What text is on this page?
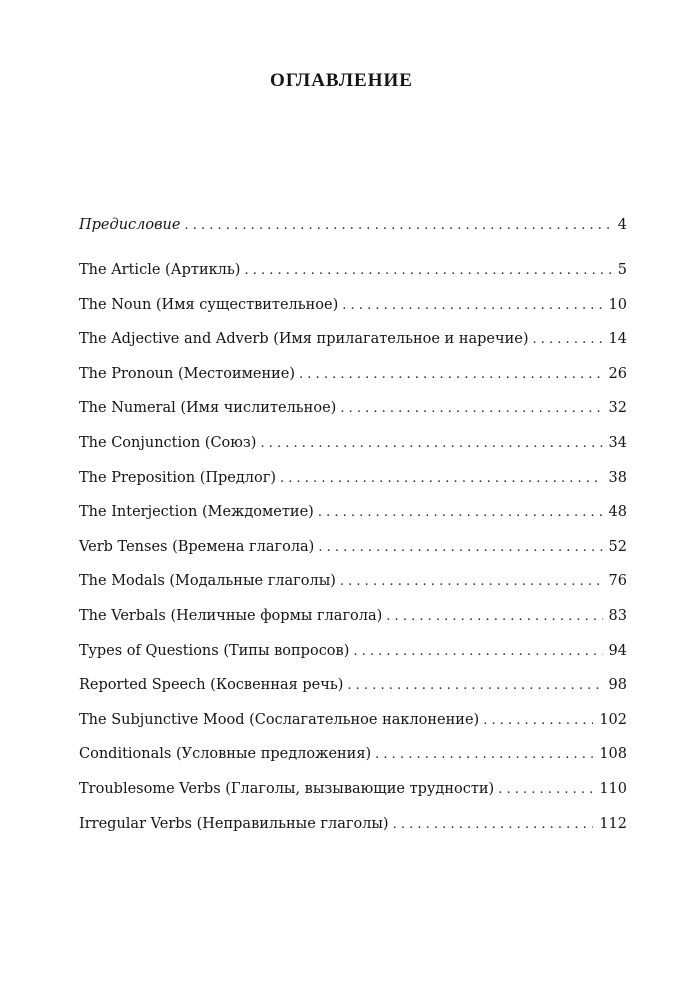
ОГЛАВЛЕНИЕ
Предисловие . . .	4
The Article (Артикль) . . .	5
The Noun (Имя существительное) . . .	10
The Adjective and Adverb (Имя прилагательное и наречие) . . .	14
The Pronoun (Местоимение) . . .	26
The Numeral (Имя числительное) . . .	32
The Conjunction (Союз) . . .	34
The Preposition (Предлог) . . .	38
The Interjection (Междометие) . . .	48
Verb Tenses (Времена глагола) . . .	52
The Modals (Модальные глаголы) . . .	76
The Verbals (Неличные формы глагола) . . .	83
Types of Questions (Типы вопросов) . . .	94
Reported Speech (Косвенная речь) . . .	98
The Subjunctive Mood (Сослагательное наклонение) . . .	102
Conditionals (Условные предложения) . . .	108
Troublesome Verbs (Глаголы, вызывающие трудности) . . .	110
Irregular Verbs (Неправильные глаголы) . . .	112
